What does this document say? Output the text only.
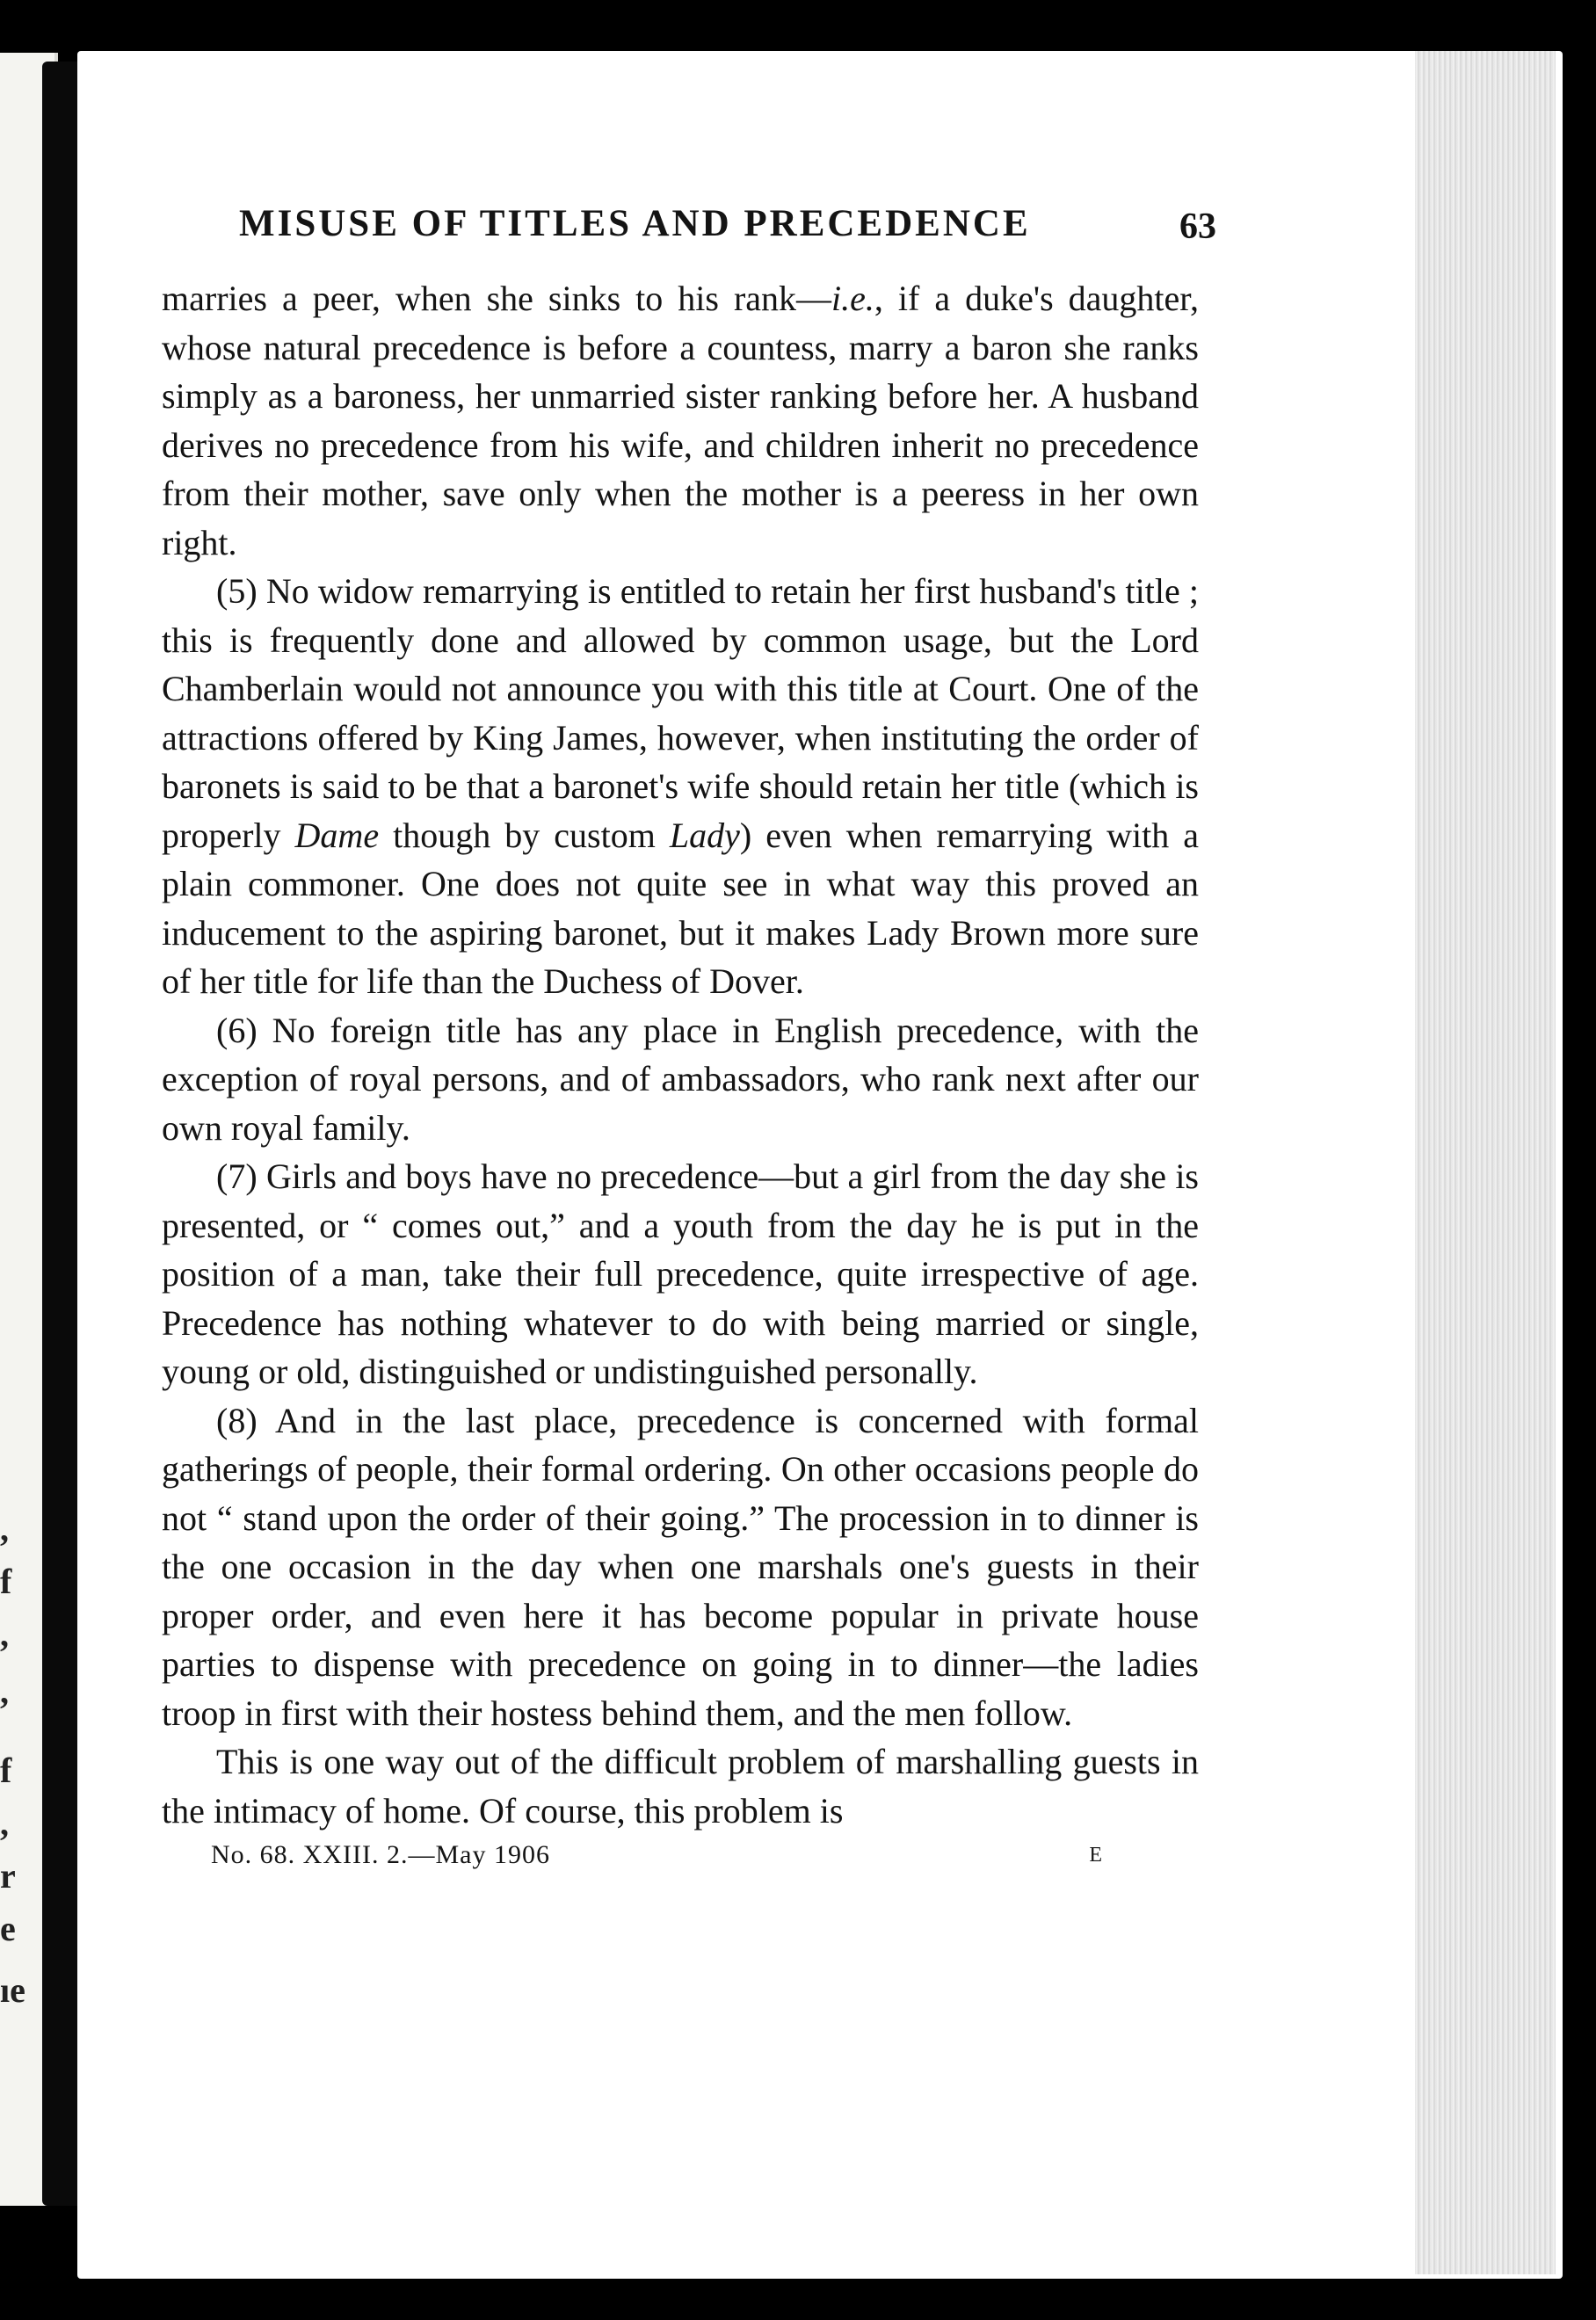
,
f
,
,
f
,
r
e
ıe
MISUSE OF TITLES AND PRECEDENCE	63

marries a peer, when she sinks to his rank—i.e., if a duke's daughter, whose natural precedence is before a countess, marry a baron she ranks simply as a baroness, her unmarried sister ranking before her. A husband derives no precedence from his wife, and children inherit no precedence from their mother, save only when the mother is a peeress in her own right.

(5) No widow remarrying is entitled to retain her first husband's title ; this is frequently done and allowed by common usage, but the Lord Chamberlain would not announce you with this title at Court. One of the attractions offered by King James, however, when instituting the order of baronets is said to be that a baronet's wife should retain her title (which is properly Dame though by custom Lady) even when remarrying with a plain commoner. One does not quite see in what way this proved an inducement to the aspiring baronet, but it makes Lady Brown more sure of her title for life than the Duchess of Dover.

(6) No foreign title has any place in English precedence, with the exception of royal persons, and of ambassadors, who rank next after our own royal family.

(7) Girls and boys have no precedence—but a girl from the day she is presented, or “ comes out,” and a youth from the day he is put in the position of a man, take their full precedence, quite irrespective of age. Precedence has nothing whatever to do with being married or single, young or old, distinguished or undistinguished personally.

(8) And in the last place, precedence is concerned with formal gatherings of people, their formal ordering. On other occasions people do not “ stand upon the order of their going.” The procession in to dinner is the one occasion in the day when one marshals one's guests in their proper order, and even here it has become popular in private house parties to dispense with precedence on going in to dinner—the ladies troop in first with their hostess behind them, and the men follow.

This is one way out of the difficult problem of marshalling guests in the intimacy of home. Of course, this problem is

No. 68. XXIII. 2.—May 1906	E
